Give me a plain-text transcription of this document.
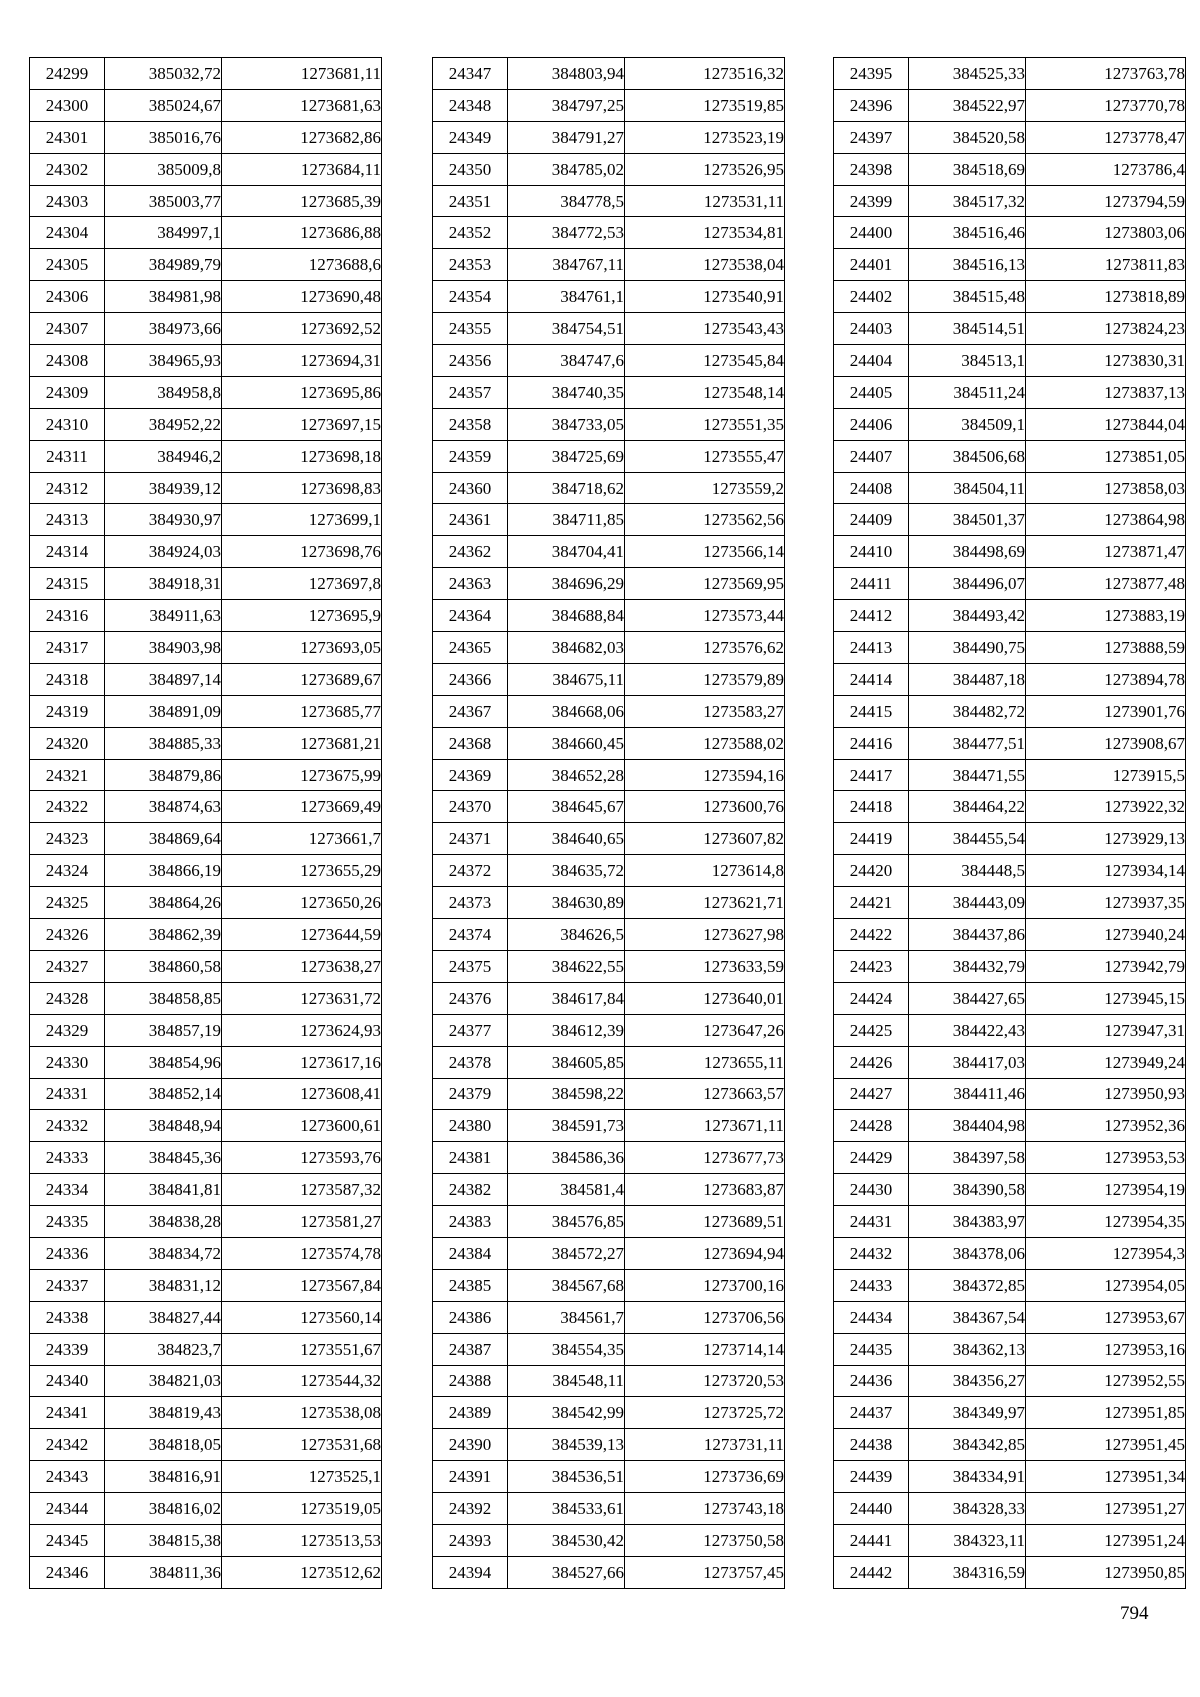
24299	385032,72	1273681,11
24300	385024,67	1273681,63
24301	385016,76	1273682,86
24302	385009,8	1273684,11
24303	385003,77	1273685,39
24304	384997,1	1273686,88
24305	384989,79	1273688,6
24306	384981,98	1273690,48
24307	384973,66	1273692,52
24308	384965,93	1273694,31
24309	384958,8	1273695,86
24310	384952,22	1273697,15
24311	384946,2	1273698,18
24312	384939,12	1273698,83
24313	384930,97	1273699,1
24314	384924,03	1273698,76
24315	384918,31	1273697,8
24316	384911,63	1273695,9
24317	384903,98	1273693,05
24318	384897,14	1273689,67
24319	384891,09	1273685,77
24320	384885,33	1273681,21
24321	384879,86	1273675,99
24322	384874,63	1273669,49
24323	384869,64	1273661,7
24324	384866,19	1273655,29
24325	384864,26	1273650,26
24326	384862,39	1273644,59
24327	384860,58	1273638,27
24328	384858,85	1273631,72
24329	384857,19	1273624,93
24330	384854,96	1273617,16
24331	384852,14	1273608,41
24332	384848,94	1273600,61
24333	384845,36	1273593,76
24334	384841,81	1273587,32
24335	384838,28	1273581,27
24336	384834,72	1273574,78
24337	384831,12	1273567,84
24338	384827,44	1273560,14
24339	384823,7	1273551,67
24340	384821,03	1273544,32
24341	384819,43	1273538,08
24342	384818,05	1273531,68
24343	384816,91	1273525,1
24344	384816,02	1273519,05
24345	384815,38	1273513,53
24346	384811,36	1273512,62
24347	384803,94	1273516,32
24348	384797,25	1273519,85
24349	384791,27	1273523,19
24350	384785,02	1273526,95
24351	384778,5	1273531,11
24352	384772,53	1273534,81
24353	384767,11	1273538,04
24354	384761,1	1273540,91
24355	384754,51	1273543,43
24356	384747,6	1273545,84
24357	384740,35	1273548,14
24358	384733,05	1273551,35
24359	384725,69	1273555,47
24360	384718,62	1273559,2
24361	384711,85	1273562,56
24362	384704,41	1273566,14
24363	384696,29	1273569,95
24364	384688,84	1273573,44
24365	384682,03	1273576,62
24366	384675,11	1273579,89
24367	384668,06	1273583,27
24368	384660,45	1273588,02
24369	384652,28	1273594,16
24370	384645,67	1273600,76
24371	384640,65	1273607,82
24372	384635,72	1273614,8
24373	384630,89	1273621,71
24374	384626,5	1273627,98
24375	384622,55	1273633,59
24376	384617,84	1273640,01
24377	384612,39	1273647,26
24378	384605,85	1273655,11
24379	384598,22	1273663,57
24380	384591,73	1273671,11
24381	384586,36	1273677,73
24382	384581,4	1273683,87
24383	384576,85	1273689,51
24384	384572,27	1273694,94
24385	384567,68	1273700,16
24386	384561,7	1273706,56
24387	384554,35	1273714,14
24388	384548,11	1273720,53
24389	384542,99	1273725,72
24390	384539,13	1273731,11
24391	384536,51	1273736,69
24392	384533,61	1273743,18
24393	384530,42	1273750,58
24394	384527,66	1273757,45
24395	384525,33	1273763,78
24396	384522,97	1273770,78
24397	384520,58	1273778,47
24398	384518,69	1273786,4
24399	384517,32	1273794,59
24400	384516,46	1273803,06
24401	384516,13	1273811,83
24402	384515,48	1273818,89
24403	384514,51	1273824,23
24404	384513,1	1273830,31
24405	384511,24	1273837,13
24406	384509,1	1273844,04
24407	384506,68	1273851,05
24408	384504,11	1273858,03
24409	384501,37	1273864,98
24410	384498,69	1273871,47
24411	384496,07	1273877,48
24412	384493,42	1273883,19
24413	384490,75	1273888,59
24414	384487,18	1273894,78
24415	384482,72	1273901,76
24416	384477,51	1273908,67
24417	384471,55	1273915,5
24418	384464,22	1273922,32
24419	384455,54	1273929,13
24420	384448,5	1273934,14
24421	384443,09	1273937,35
24422	384437,86	1273940,24
24423	384432,79	1273942,79
24424	384427,65	1273945,15
24425	384422,43	1273947,31
24426	384417,03	1273949,24
24427	384411,46	1273950,93
24428	384404,98	1273952,36
24429	384397,58	1273953,53
24430	384390,58	1273954,19
24431	384383,97	1273954,35
24432	384378,06	1273954,3
24433	384372,85	1273954,05
24434	384367,54	1273953,67
24435	384362,13	1273953,16
24436	384356,27	1273952,55
24437	384349,97	1273951,85
24438	384342,85	1273951,45
24439	384334,91	1273951,34
24440	384328,33	1273951,27
24441	384323,11	1273951,24
24442	384316,59	1273950,85
794
